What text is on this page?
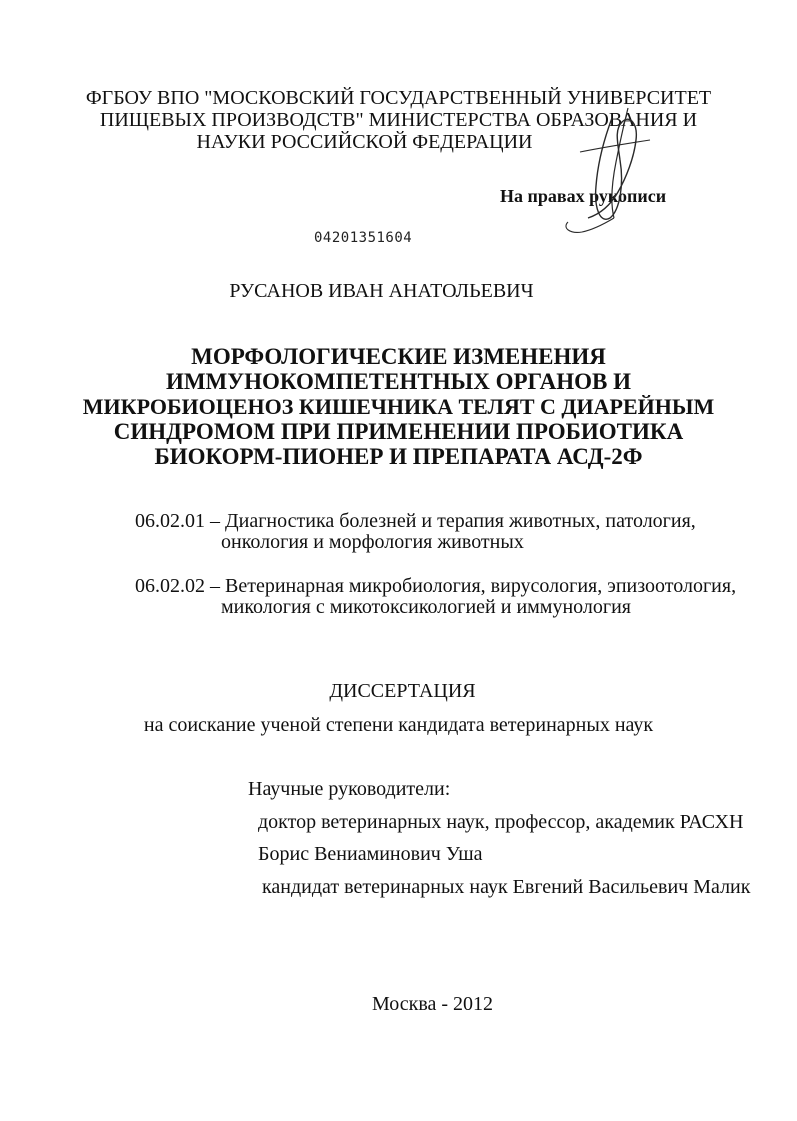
ФГБОУ ВПО "МОСКОВСКИЙ ГОСУДАРСТВЕННЫЙ УНИВЕРСИТЕТ
ПИЩЕВЫХ ПРОИЗВОДСТВ" МИНИСТЕРСТВА ОБРАЗОВАНИЯ И
НАУКИ РОССИЙСКОЙ ФЕДЕРАЦИИ
На правах рукописи
04201351604
РУСАНОВ ИВАН АНАТОЛЬЕВИЧ
МОРФОЛОГИЧЕСКИЕ ИЗМЕНЕНИЯ
ИММУНОКОМПЕТЕНТНЫХ ОРГАНОВ И
МИКРОБИОЦЕНОЗ КИШЕЧНИКА ТЕЛЯТ С ДИАРЕЙНЫМ
СИНДРОМОМ ПРИ ПРИМЕНЕНИИ ПРОБИОТИКА
БИОКОРМ-ПИОНЕР И ПРЕПАРАТА АСД-2Ф
06.02.01 – Диагностика болезней и терапия животных, патология,
онкология и морфология животных
06.02.02 – Ветеринарная микробиология, вирусология, эпизоотология,
микология с микотоксикологией и иммунология
ДИССЕРТАЦИЯ
на соискание ученой степени кандидата ветеринарных наук
Научные руководители:
доктор ветеринарных наук, профессор, академик РАСХН
Борис Вениаминович Уша
кандидат ветеринарных наук Евгений Васильевич Малик
Москва - 2012
